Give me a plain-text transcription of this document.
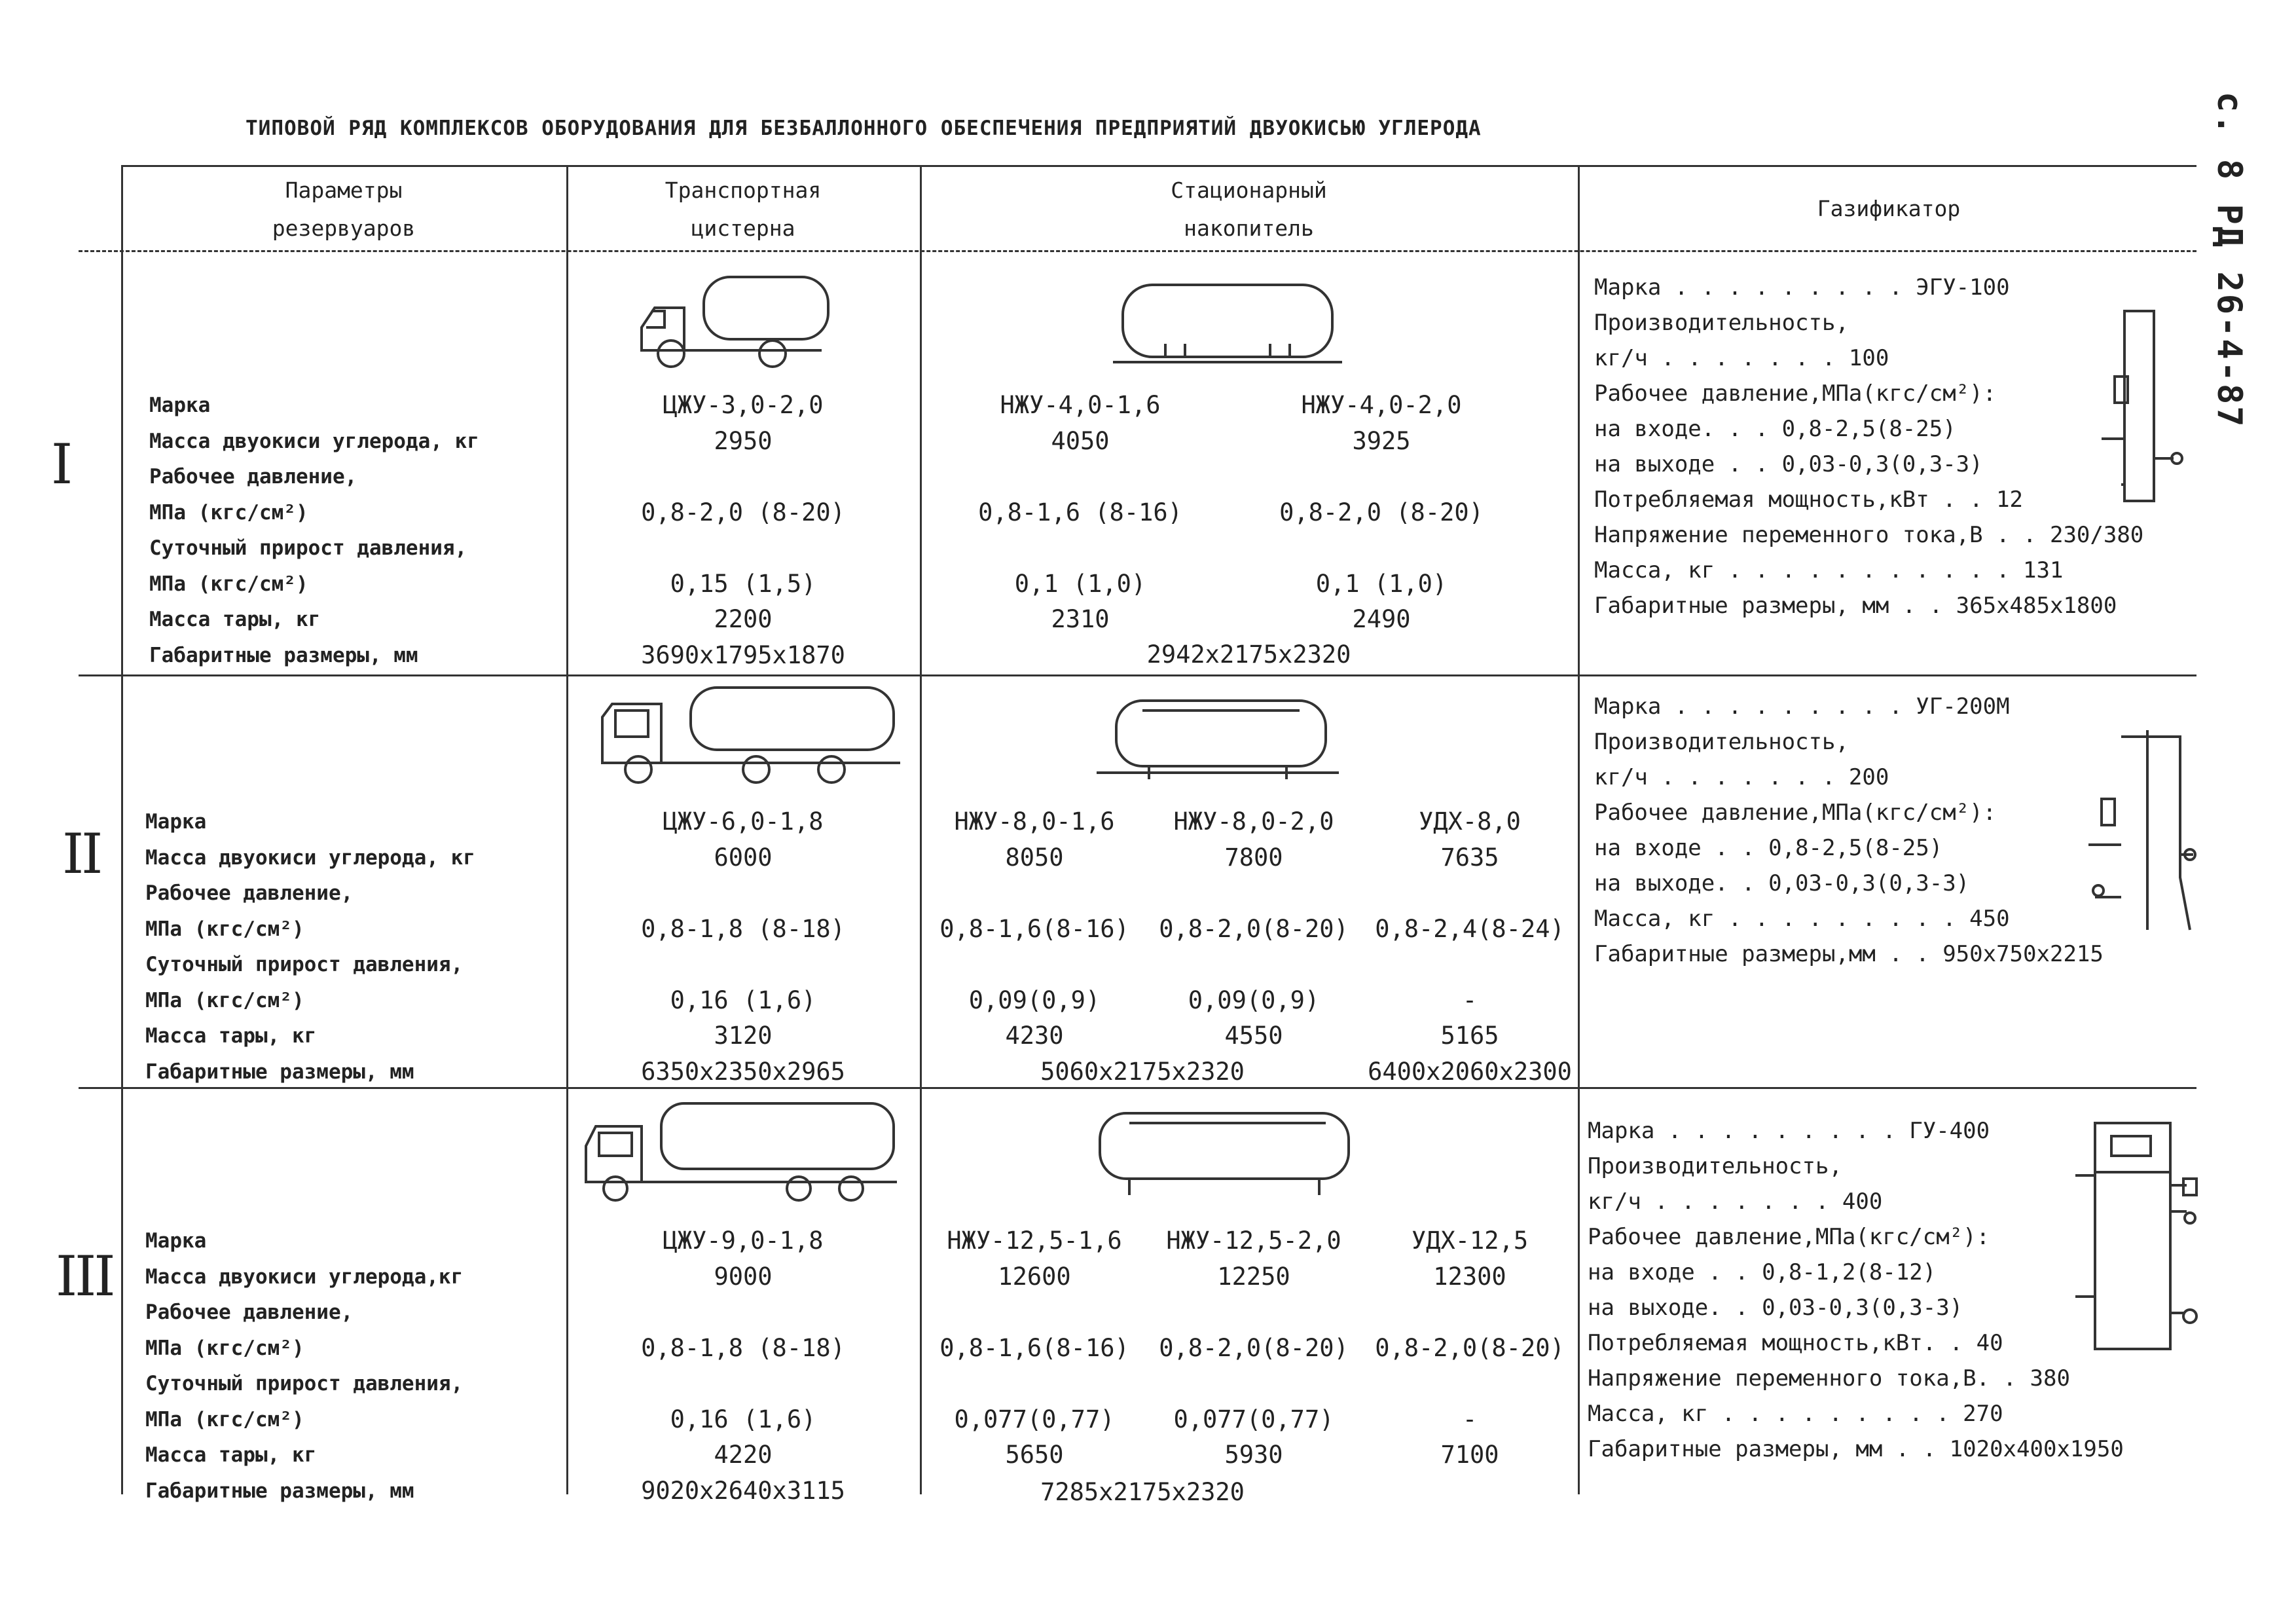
ТИПОВОЙ РЯД КОМПЛЕКСОВ ОБОРУДОВАНИЯ ДЛЯ БЕЗБАЛЛОННОГО ОБЕСПЕЧЕНИЯ ПРЕДПРИЯТИЙ ДВУОКИСЬЮ УГЛЕРОДА	с. 8 РД 26-4-87
Параметры
резервуаров
Транспортная
цистерна
Стационарный
накопитель
Газификатор
I
Марка
Масса двуокиси углерода, кг
Рабочее давление,
МПа (кгс/см²)
Суточный прирост давления,
МПа (кгс/см²)
Масса тары, кг
Габаритные размеры, мм
ЦЖУ-3,0-2,0
2950

0,8-2,0 (8-20)

0,15 (1,5)
2200
3690x1795x1870
НЖУ-4,0-1,6
4050

0,8-1,6 (8-16)

0,1 (1,0)
2310
НЖУ-4,0-2,0
3925

0,8-2,0 (8-20)

0,1 (1,0)
2490
2942x2175x2320
Марка . . . . . . . . . ЭГУ-100
Производительность,
кг/ч . . . . . . . 100
Рабочее давление,МПа(кгс/см²):
на входе. . . 0,8-2,5(8-25)
на выходе . . 0,03-0,3(0,3-3)
Потребляемая мощность,кВт . . 12
Напряжение переменного тока,В . . 230/380
Масса, кг . . . . . . . . . . . 131
Габаритные размеры, мм . . 365x485x1800
II Марка
Масса двуокиси углерода, кг
Рабочее давление,
МПа (кгс/см²)
Суточный прирост давления,
МПа (кгс/см²)
Масса тары, кг
Габаритные размеры, мм
ЦЖУ-6,0-1,8
6000

0,8-1,8 (8-18)

0,16 (1,6)
3120
6350x2350x2965
НЖУ-8,0-1,6
8050

0,8-1,6(8-16)

0,09(0,9)
4230
НЖУ-8,0-2,0
7800

0,8-2,0(8-20)

0,09(0,9)
4550
УДХ-8,0
7635

0,8-2,4(8-24)

-
5165
5060x2175x2320	6400x2060x2300
Марка . . . . . . . . . УГ-200М
Производительность,
кг/ч . . . . . . . 200
Рабочее давление,МПа(кгс/см²):
на входе . . 0,8-2,5(8-25)
на выходе. . 0,03-0,3(0,3-3)
Масса, кг . . . . . . . . . 450
Габаритные размеры,мм . . 950x750x2215
III
Марка
Масса двуокиси углерода,кг
Рабочее давление,
МПа (кгс/см²)
Суточный прирост давления,
МПа (кгс/см²)
Масса тары, кг
Габаритные размеры, мм
ЦЖУ-9,0-1,8
9000

0,8-1,8 (8-18)

0,16 (1,6)
4220
9020x2640x3115
НЖУ-12,5-1,6
12600

0,8-1,6(8-16)

0,077(0,77)
5650
НЖУ-12,5-2,0
12250

0,8-2,0(8-20)

0,077(0,77)
5930
УДХ-12,5
12300

0,8-2,0(8-20)

-
7100
7285x2175x2320
Марка . . . . . . . . . ГУ-400
Производительность,
кг/ч . . . . . . . 400
Рабочее давление,МПа(кгс/см²):
на входе . . 0,8-1,2(8-12)
на выходе. . 0,03-0,3(0,3-3)
Потребляемая мощность,кВт. . 40
Напряжение переменного тока,В. . 380
Масса, кг . . . . . . . . . 270
Габаритные размеры, мм . . 1020x400x1950
